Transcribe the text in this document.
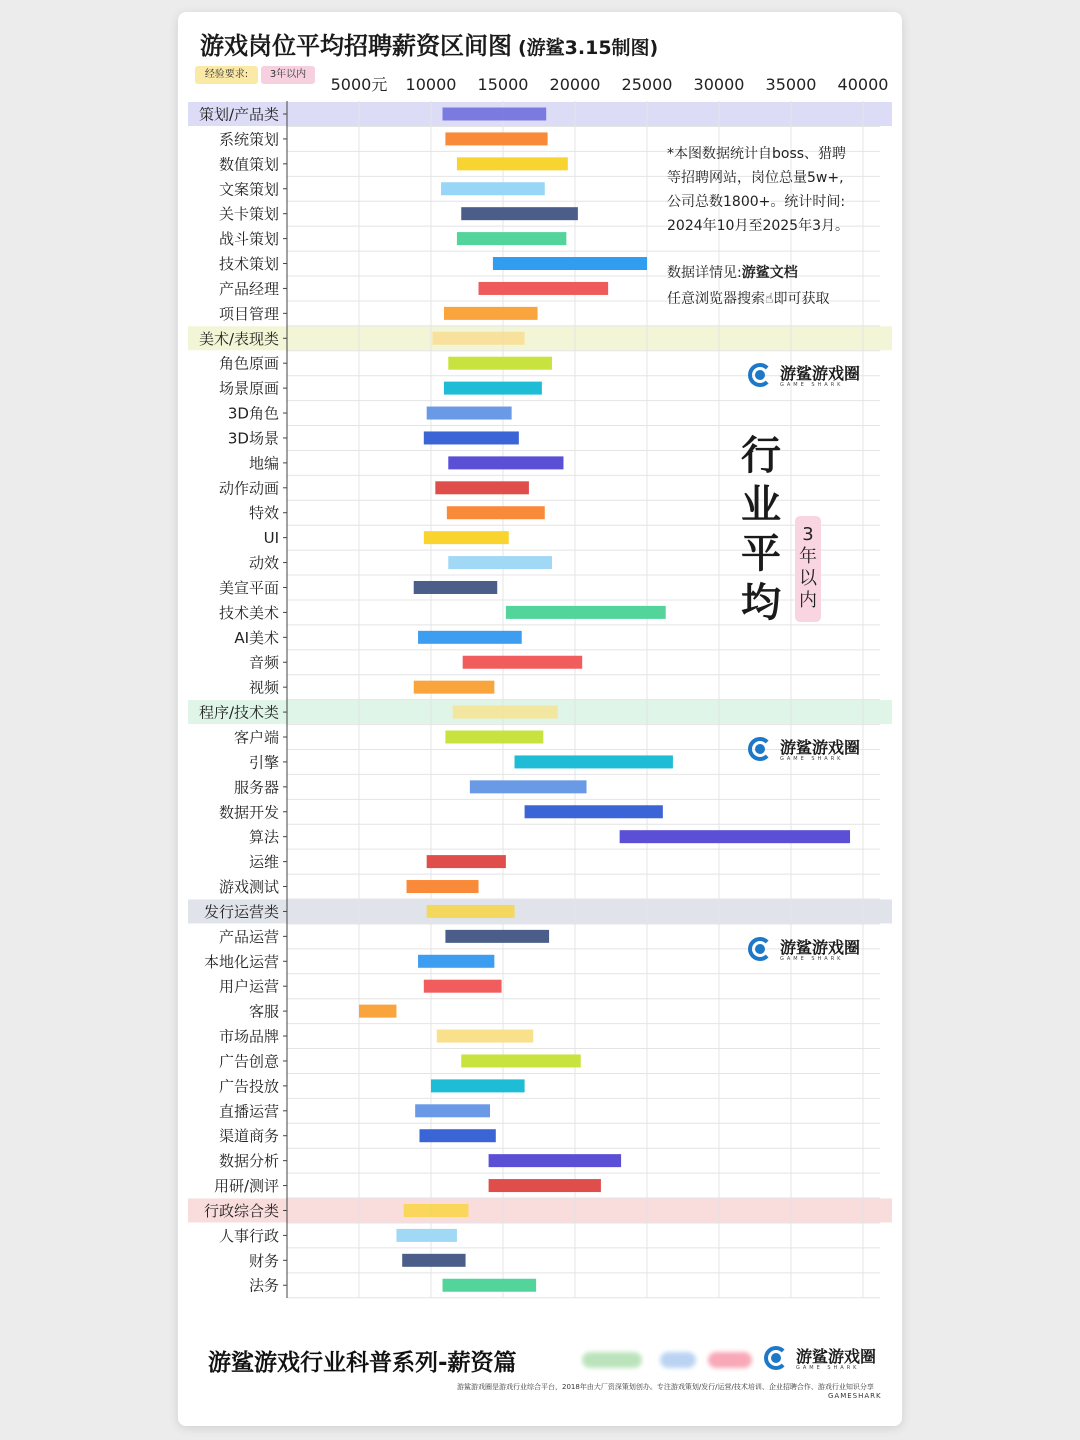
游戏岗位平均招聘薪资区间图 (游鲨3.15制图)
经验要求:	3年以内
5000元 10000 15000 20000 25000 30000 35000 40000
策划/产品类
系统策划
数值策划
文案策划
关卡策划
战斗策划
技术策划
产品经理
项目管理
美术/表现类
角色原画
场景原画
3D角色
3D场景
地编
动作动画
特效
UI
动效
美宣平面
技术美术
AI美术
音频
视频
程序/技术类
客户端
引擎
服务器
数据开发
算法
运维
游戏测试
发行运营类
产品运营
本地化运营
用户运营
客服
市场品牌
广告创意
广告投放
直播运营
渠道商务
数据分析
用研/测评
行政综合类
人事行政
财务
法务
*本图数据统计自boss、猎聘
等招聘网站，岗位总量5w+,
公司总数1800+。统计时间:
2024年10月至2025年3月。
数据详情见:游鲨文档
任意浏览器搜索☝即可获取
游鲨游戏圈
GAME SHARK
游鲨游戏圈
GAME SHARK
游鲨游戏圈
GAME SHARK
行业平均
3年以内
游鲨游戏行业科普系列-薪资篇	游鲨游戏圈
GAME SHARK
游鲨游戏圈是游戏行业综合平台，2018年由大厂资深策划创办。专注游戏策划/发行/运营/技术培训、企业招聘合作、游戏行业知识分享
GAMESHARK
